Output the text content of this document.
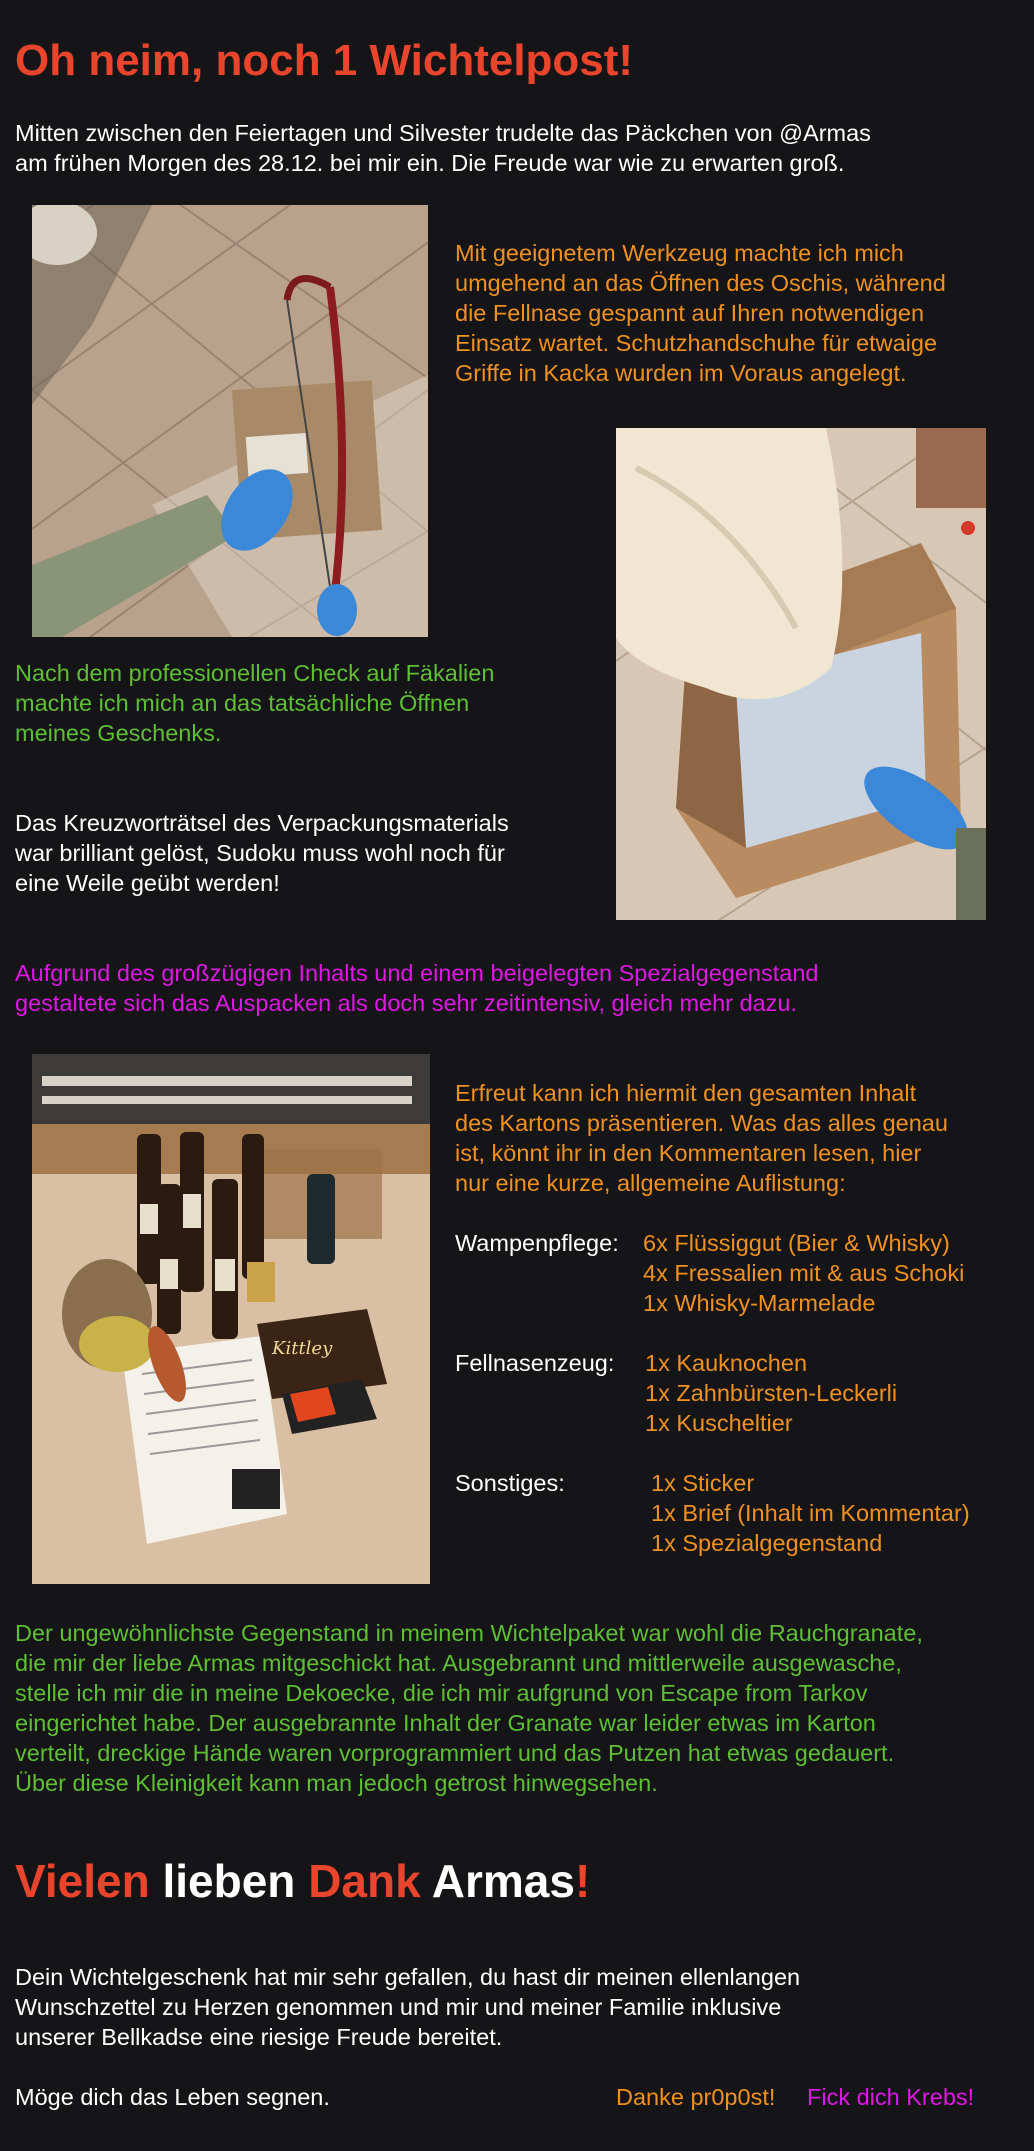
Oh neim, noch 1 Wichtelpost!
Mitten zwischen den Feiertagen und Silvester trudelte das Päckchen von @Armas
am frühen Morgen des 28.12. bei mir ein. Die Freude war wie zu erwarten groß.
Mit geeignetem Werkzeug machte ich mich
umgehend an das Öffnen des Oschis, während
die Fellnase gespannt auf Ihren notwendigen
Einsatz wartet. Schutzhandschuhe für etwaige
Griffe in Kacka wurden im Voraus angelegt.
Nach dem professionellen Check auf Fäkalien
machte ich mich an das tatsächliche Öffnen
meines Geschenks.
Das Kreuzworträtsel des Verpackungsmaterials
war brilliant gelöst, Sudoku muss wohl noch für
eine Weile geübt werden!
Aufgrund des großzügigen Inhalts und einem beigelegten Spezialgegenstand
gestaltete sich das Auspacken als doch sehr zeitintensiv, gleich mehr dazu.
Kittley
Erfreut kann ich hiermit den gesamten Inhalt
des Kartons präsentieren. Was das alles genau
ist, könnt ihr in den Kommentaren lesen, hier
nur eine kurze, allgemeine Auflistung:
Wampenpflege: 6x Flüssiggut (Bier & Whisky)
4x Fressalien mit & aus Schoki
1x Whisky-Marmelade
Fellnasenzeug: 1x Kauknochen
1x Zahnbürsten-Leckerli
1x Kuscheltier
Sonstiges:	1x Sticker
1x Brief (Inhalt im Kommentar)
1x Spezialgegenstand
Der ungewöhnlichste Gegenstand in meinem Wichtelpaket war wohl die Rauchgranate,
die mir der liebe Armas mitgeschickt hat. Ausgebrannt und mittlerweile ausgewasche,
stelle ich mir die in meine Dekoecke, die ich mir aufgrund von Escape from Tarkov
eingerichtet habe. Der ausgebrannte Inhalt der Granate war leider etwas im Karton
verteilt, dreckige Hände waren vorprogrammiert und das Putzen hat etwas gedauert.
Über diese Kleinigkeit kann man jedoch getrost hinwegsehen.
Vielen lieben Dank Armas!
Dein Wichtelgeschenk hat mir sehr gefallen, du hast dir meinen ellenlangen
Wunschzettel zu Herzen genommen und mir und meiner Familie inklusive
unserer Bellkadse eine riesige Freude bereitet.
Möge dich das Leben segnen.	Danke pr0p0st! Fick dich Krebs!
